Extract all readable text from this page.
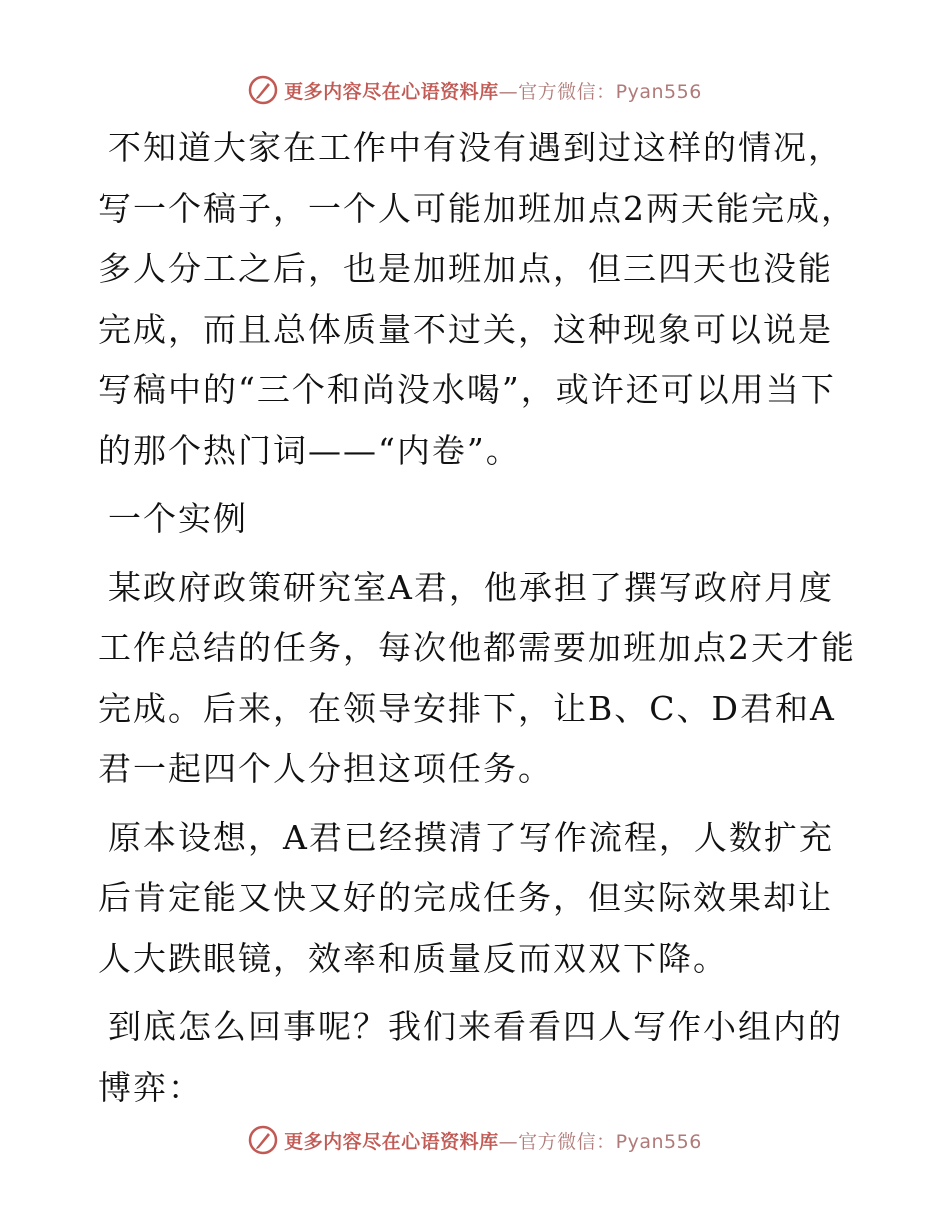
更多内容尽在心语资料库—官方微信：Pyan556

不知道大家在工作中有没有遇到过这样的情况，写一个稿子，一个人可能加班加点2两天能完成，多人分工之后，也是加班加点，但三四天也没能完成，而且总体质量不过关，这种现象可以说是写稿中的“三个和尚没水喝”，或许还可以用当下的那个热门词——“内卷”。

一个实例

某政府政策研究室A君，他承担了撰写政府月度工作总结的任务，每次他都需要加班加点2天才能完成。后来，在领导安排下，让B、C、D君和A君一起四个人分担这项任务。

原本设想，A君已经摸清了写作流程，人数扩充后肯定能又快又好的完成任务，但实际效果却让人大跌眼镜，效率和质量反而双双下降。

到底怎么回事呢？我们来看看四人写作小组内的博弈：

更多内容尽在心语资料库—官方微信：Pyan556
